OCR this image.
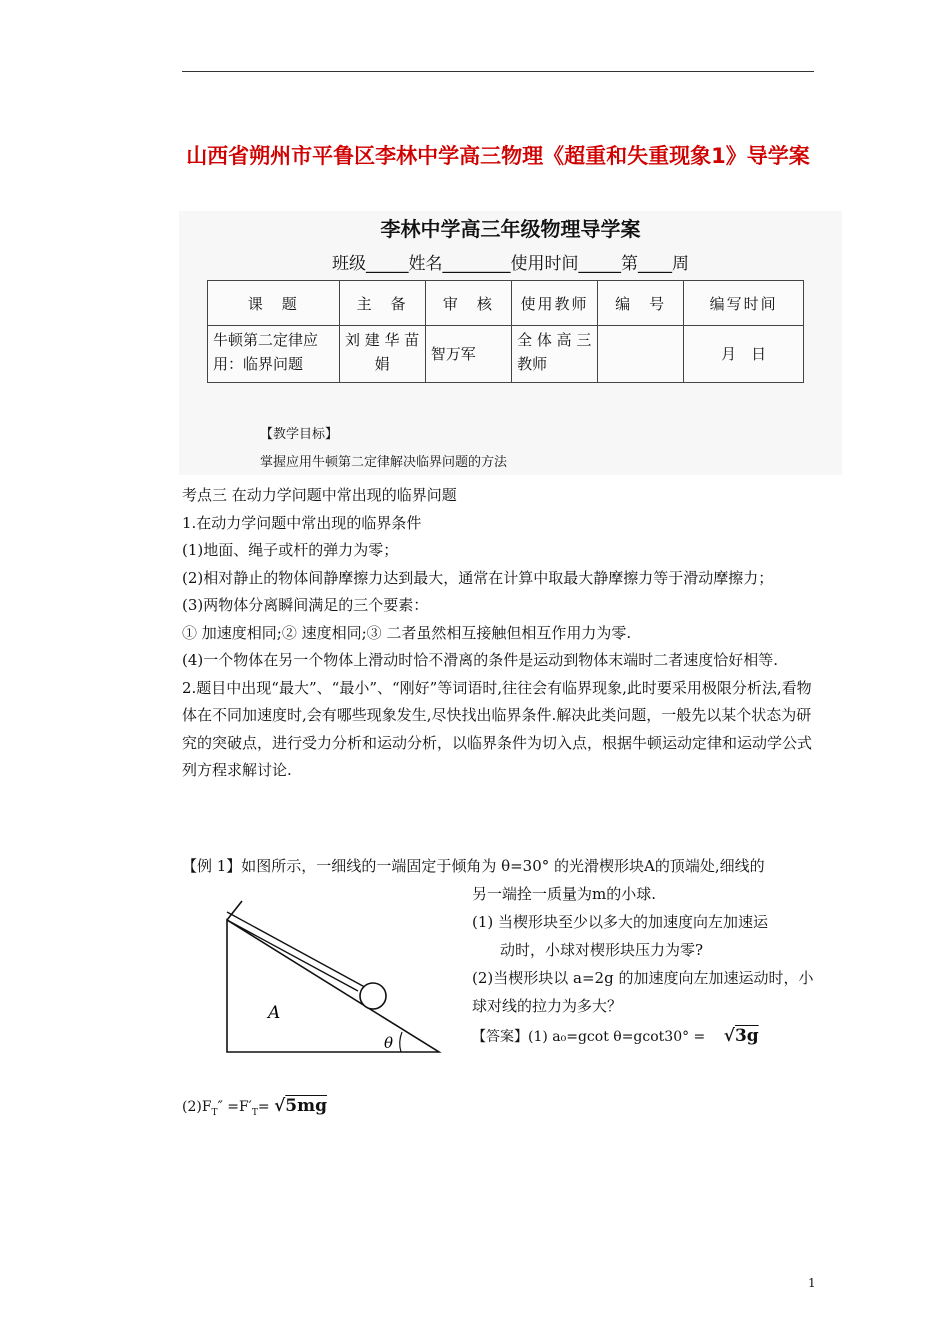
山西省朔州市平鲁区李林中学高三物理《超重和失重现象1》导学案
李林中学高三年级物理导学案
班级_____姓名________使用时间_____第____周
课　题	主　备	审　核	使用教师	编　号	编写时间
牛顿第二定律应用：临界问题	刘 建 华 苗娟	智万军	全 体 高 三教师		月　日
【教学目标】
掌握应用牛顿第二定律解决临界问题的方法

考点三 在动力学问题中常出现的临界问题

1.在动力学问题中常出现的临界条件

(1)地面、绳子或杆的弹力为零；

(2)相对静止的物体间静摩擦力达到最大，通常在计算中取最大静摩擦力等于滑动摩擦力；

(3)两物体分离瞬间满足的三个要素：

① 加速度相同;② 速度相同;③ 二者虽然相互接触但相互作用力为零.

(4)一个物体在另一个物体上滑动时恰不滑离的条件是运动到物体末端时二者速度恰好相等.

2.题目中出现“最大”、“最小”、“刚好”等词语时,往往会有临界现象,此时要采用极限分析法,看物体在不同加速度时,会有哪些现象发生,尽快找出临界条件.解决此类问题，一般先以某个状态为研究的突破点，进行受力分析和运动分析，以临界条件为切入点，根据牛顿运动定律和运动学公式列方程求解讨论.

【例 1】如图所示，一细线的一端固定于倾角为 θ=30° 的光滑楔形块A的顶端处,细线的

另一端拴一质量为m的小球.

(1) 当楔形块至少以多大的加速度向左加速运

动时，小球对楔形块压力为零?

(2)当楔形块以 a=2g 的加速度向左加速运动时，小球对线的拉力为多大？

A
θ	【答案】(1) a₀=gcot θ=gcot30° = √3g
$(2)F_T'' =F'_T= √5mg$
1
